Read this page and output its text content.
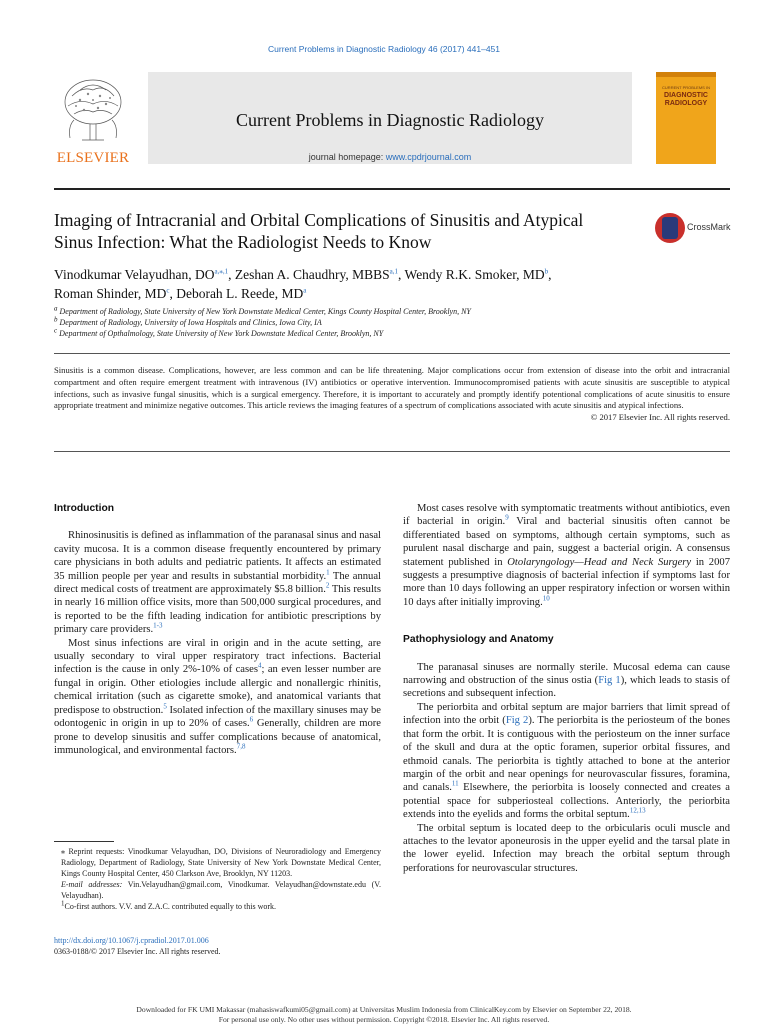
Current Problems in Diagnostic Radiology 46 (2017) 441–451
ELSEVIER
Current Problems in Diagnostic Radiology
journal homepage: www.cpdrjournal.com
CURRENT PROBLEMS IN
DIAGNOSTIC RADIOLOGY
Imaging of Intracranial and Orbital Complications of Sinusitis and Atypical Sinus Infection: What the Radiologist Needs to Know
CrossMark
Vinodkumar Velayudhan, $DO^{a,⁎,1}$, Zeshan A. Chaudhry, MBBS$^{a,1}$, Wendy R.K. Smoker, $MD^b$,
Roman Shinder, $MD^c$, Deborah L. Reede, $MD^a$
$^a$ Department of Radiology, State University of New York Downstate Medical Center, Kings County Hospital Center, Brooklyn, NY
$^b$ Department of Radiology, University of Iowa Hospitals and Clinics, Iowa City, IA
$^c$ Department of Opthalmology, State University of New York Downstate Medical Center, Brooklyn, NY
Sinusitis is a common disease. Complications, however, are less common and can be life threatening. Major complications occur from extension of disease into the orbit and intracranial compartment and often require emergent treatment with intravenous (IV) antibiotics or operative intervention. Immunocompromised patients with acute sinusitis are susceptible to atypical infections, such as invasive fungal sinusitis, which is a surgical emergency. Therefore, it is important to accurately and promptly identify potentional complications of acute sinusitis to ensure appropriate treatment and minimize negative outcomes. This article reviews the imaging features of a spectrum of complications associated with acute sinusitis and atypical infections.
© 2017 Elsevier Inc. All rights reserved.
Introduction

Rhinosinusitis is defined as inflammation of the paranasal sinus and nasal cavity mucosa. It is a common disease frequently encountered by primary care physicians in both adults and pediatric patients. It affects an estimated 35 million people per year and results in substantial morbidity.$^1$ The annual direct medical costs of treatment are approximately $5.8 billion.$^2$ This results in nearly 16 million office visits, more than 500,000 surgical procedures, and is reported to be the fifth leading indication for antibiotic prescriptions by primary care providers.$^{1-3}$

Most sinus infections are viral in origin and in the acute setting, are usually secondary to viral upper respiratory tract infections. Bacterial infection is the cause in only 2%-10% of cases$^4$; an even lesser number are fungal in origin. Other etiologies include allergic and nonallergic rhinitis, chemical irritation (such as cigarette smoke), and anatomical variants that predispose to obstruction.$^5$ Isolated infection of the maxillary sinuses may be odontogenic in origin in up to 20% of cases.$^6$ Generally, children are more prone to develop sinusitis and suffer complications because of anatomical, immunological, and environmental factors.$^{7,8}$

⁎ Reprint requests: Vinodkumar Velayudhan, DO, Divisions of Neuroradiology and Emergency Radiology, Department of Radiology, State University of New York Downstate Medical Center, Kings County Hospital Center, 450 Clarkson Ave, Brooklyn, NY 11203.
E-mail addresses: Vin.Velayudhan@gmail.com, Vinodkumar. Velayudhan@downstate.edu (V. Velayudhan).
$^1$Co-first authors. V.V. and Z.A.C. contributed equally to this work.
http://dx.doi.org/10.1067/j.cpradiol.2017.01.006
0363-0188/© 2017 Elsevier Inc. All rights reserved.

Most cases resolve with symptomatic treatments without antibiotics, even if bacterial in origin.$^9$ Viral and bacterial sinusitis often cannot be differentiated based on symptoms, although certain symptoms, such as purulent nasal discharge and pain, suggest a bacterial origin. A consensus statement published in Otolaryngology—Head and Neck Surgery in 2007 suggests a presumptive diagnosis of bacterial infection if symptoms last for more than 10 days following an upper respiratory infection or worsen within 10 days after initially improving.$^{10}$

Pathophysiology and Anatomy

The paranasal sinuses are normally sterile. Mucosal edema can cause narrowing and obstruction of the sinus ostia (Fig 1), which leads to stasis of secretions and subsequent infection.

The periorbita and orbital septum are major barriers that limit spread of infection into the orbit (Fig 2). The periorbita is the periosteum of the bones that form the orbit. It is contiguous with the periosteum on the inner surface of the skull and dura at the optic foramen, superior orbital fissures, and ethmoid canals. The periorbita is tightly attached to bone at the anterior margin of the orbit and near openings for neurovascular fissures, foramina, and canals.$^{11}$ Elsewhere, the periorbita is loosely connected and creates a potential space for subperiosteal collections. Anteriorly, the periorbita extends into the eyelids and forms the orbital septum.$^{12,13}$

The orbital septum is located deep to the orbicularis oculi muscle and attaches to the levator aponeurosis in the upper eyelid and the tarsal plate in the lower eyelid. Infection may breach the orbital septum through perforations for neurovascular structures.

Downloaded for FK UMI Makassar (mahasiswafkumi05@gmail.com) at Universitas Muslim Indonesia from ClinicalKey.com by Elsevier on September 22, 2018.
For personal use only. No other uses without permission. Copyright ©2018. Elsevier Inc. All rights reserved.
